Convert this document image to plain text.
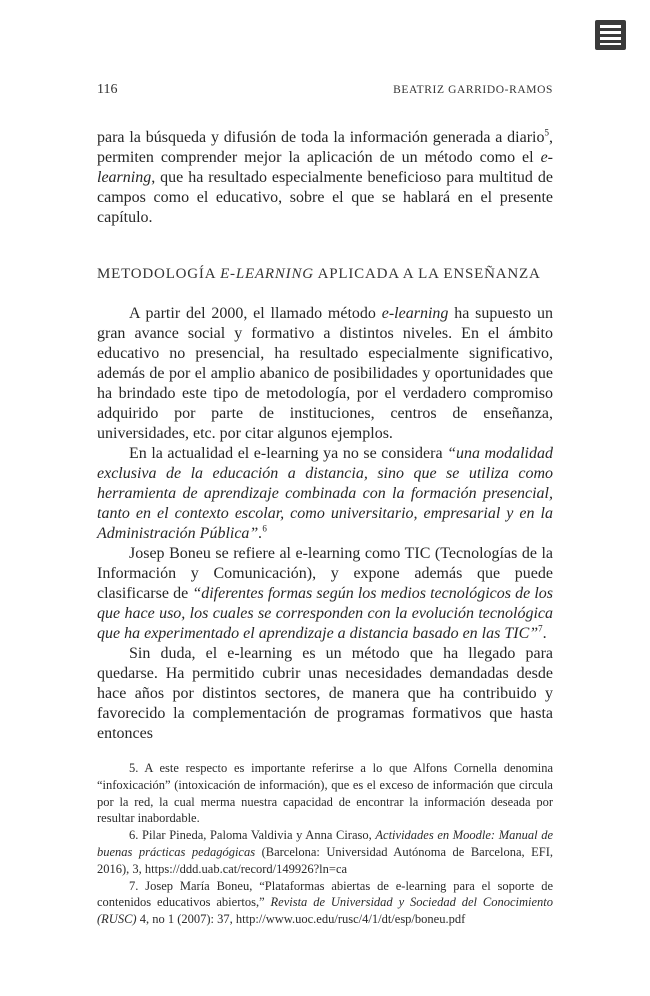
116	BEATRIZ GARRIDO-RAMOS

para la búsqueda y difusión de toda la información generada a diario$^5$, permiten comprender mejor la aplicación de un método como el e-learning, que ha resultado especialmente beneficioso para multitud de campos como el educativo, sobre el que se hablará en el presente capítulo.

METODOLOGÍA E-LEARNING APLICADA A LA ENSEÑANZA

A partir del 2000, el llamado método e-learning ha supuesto un gran avance social y formativo a distintos niveles. En el ámbito educativo no presencial, ha resultado especialmente significativo, además de por el amplio abanico de posibilidades y oportunidades que ha brindado este tipo de metodología, por el verdadero compromiso adquirido por parte de instituciones, centros de enseñanza, universidades, etc. por citar algunos ejemplos.

En la actualidad el e-learning ya no se considera “una modalidad exclusiva de la educación a distancia, sino que se utiliza como herramienta de aprendizaje combinada con la formación presencial, tanto en el contexto escolar, como universitario, empresarial y en la Administración Pública”.$^6$

Josep Boneu se refiere al e-learning como TIC (Tecnologías de la Información y Comunicación), y expone además que puede clasificarse de “diferentes formas según los medios tecnológicos de los que hace uso, los cuales se corresponden con la evolución tecnológica que ha experimentado el aprendizaje a distancia basado en las TIC”$^7$.

Sin duda, el e-learning es un método que ha llegado para quedarse. Ha permitido cubrir unas necesidades demandadas desde hace años por distintos sectores, de manera que ha contribuido y favorecido la complementación de programas formativos que hasta entonces

5. A este respecto es importante referirse a lo que Alfons Cornella denomina “infoxicación” (intoxicación de información), que es el exceso de información que circula por la red, la cual merma nuestra capacidad de encontrar la información deseada por resultar inabordable.

6. Pilar Pineda, Paloma Valdivia y Anna Ciraso, Actividades en Moodle: Manual de buenas prácticas pedagógicas (Barcelona: Universidad Autónoma de Barcelona, EFI, 2016), 3, https://ddd.uab.cat/record/149926?ln=ca

7. Josep María Boneu, “Plataformas abiertas de e-learning para el soporte de contenidos educativos abiertos,” Revista de Universidad y Sociedad del Conocimiento (RUSC) 4, no 1 (2007): 37, http://www.uoc.edu/rusc/4/1/dt/esp/boneu.pdf
